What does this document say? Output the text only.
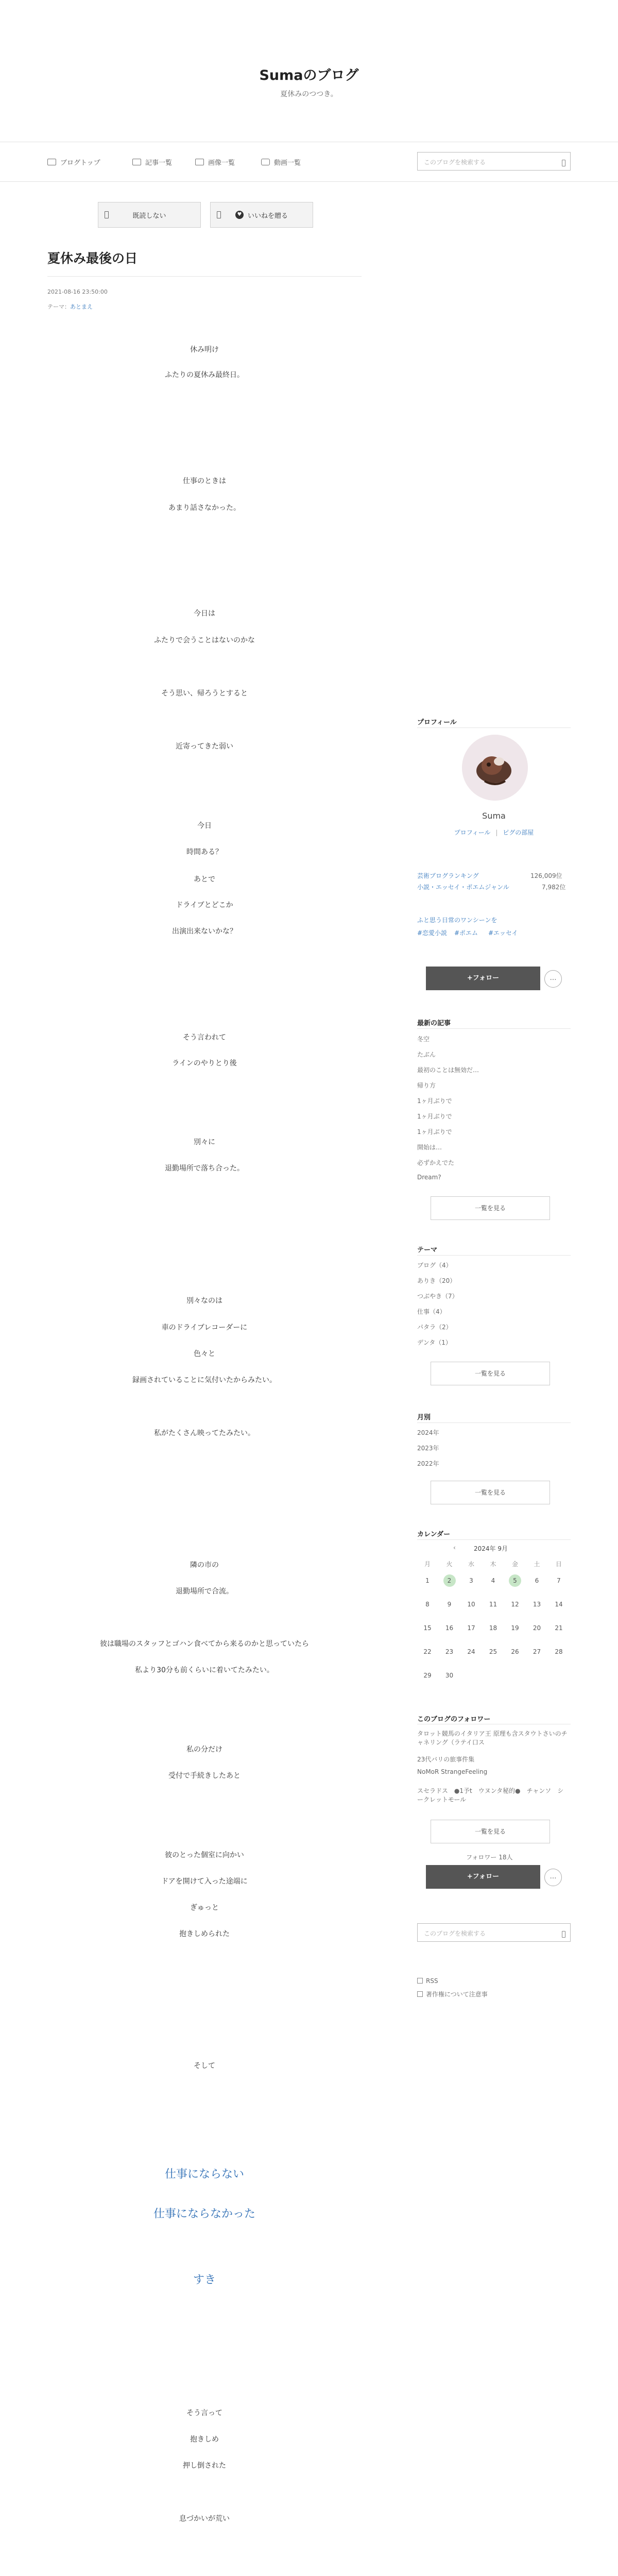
Sumaのブログ
夏休みのつつき。
ブログトップ	記事一覧	画像一覧	動画一覧	このブログを検索する
既読しない	♥ いいねを贈る
夏休み最後の日
2021-08-16 23:50:00
テーマ：あとまえ
休み明け
ふたりの夏休み最終日。
仕事のときは
あまり話さなかった。
今日は
ふたりで会うことはないのかな
そう思い、帰ろうとすると
近寄ってきた弱い
今日
時間ある？
あとで
ドライブとどこか
出演出来ないかな？
そう言われて
ラインのやりとり後
別々に
退勤場所で落ち合った。
別々なのは
車のドライブレコーダーに
色々と
録画されていることに気付いたからみたい。
私がたくさん映ってたみたい。
隣の市の
退勤場所で合流。
彼は職場のスタッフとゴハン食べてから来るのかと思っていたら
私より30分も前くらいに着いてたみたい。
私の分だけ
受付で手続きしたあと
彼のとった個室に向かい
ドアを開けて入った途端に
ぎゅっと
抱きしめられた
そして
仕事にならない
仕事にならなかった
すき
そう言って
抱きしめ
押し倒された
息づかいが荒い
プロフィール
Suma
プロフィール | ピグの部屋
芸術ブログランキング	126,009位
小説・エッセイ・ポエムジャンル	7,982位
ふと思う日常のワンシーンを
#恋愛小説 #ポエム #エッセイ
+フォロー	…
最新の記事
冬空
たぶん
最初のことは無効だ…
帰り方
1ヶ月ぶりで
1ヶ月ぶりで
1ヶ月ぶりで
開始は…
必ずかえでた
Dream?
一覧を見る
テーマ
ブログ（4）
ありき（20）
つぶやき（7）
仕事（4）
パタラ（2）
デンタ（1）
一覧を見る
月別
2024年
2023年
2022年
一覧を見る
カレンダー
‹	2024年 9月
月	火	水	木	金	土	日
1	2	3	4	5	6	7
8	9	10	11	12	13	14
15	16	17	18	19	20	21
22	23	24	25	26	27	28
29	30
このブログのフォロワー
タロット競馬のイタリア王 原理も含スタウトさいのチャネリング（ラテイ口ス
23代バリの旅事件集
NoMoR StrangeFeeling
スセラドス　●1予t　ウヌンタ秘的●　チャンソ　シークレットモール
一覧を見る
フォロワー 18人
+フォロー	…
このブログを検索する
RSS
著作権について注意事
